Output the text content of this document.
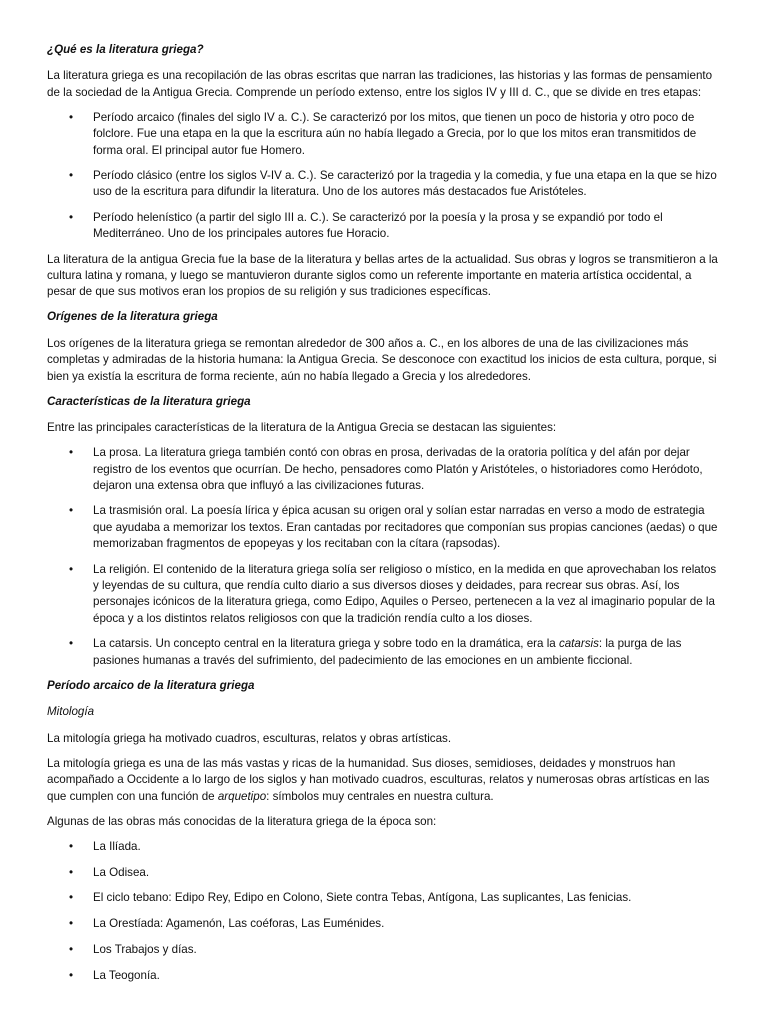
¿Qué es la literatura griega?

La literatura griega es una recopilación de las obras escritas que narran las tradiciones, las historias y las formas de pensamiento de la sociedad de la Antigua Grecia. Comprende un período extenso, entre los siglos IV y III d. C., que se divide en tres etapas:

• Período arcaico (finales del siglo IV a. C.). Se caracterizó por los mitos, que tienen un poco de historia y otro poco de folclore. Fue una etapa en la que la escritura aún no había llegado a Grecia, por lo que los mitos eran transmitidos de forma oral. El principal autor fue Homero.
• Período clásico (entre los siglos V-IV a. C.). Se caracterizó por la tragedia y la comedia, y fue una etapa en la que se hizo uso de la escritura para difundir la literatura. Uno de los autores más destacados fue Aristóteles.
• Período helenístico (a partir del siglo III a. C.). Se caracterizó por la poesía y la prosa y se expandió por todo el Mediterráneo. Uno de los principales autores fue Horacio.

La literatura de la antigua Grecia fue la base de la literatura y bellas artes de la actualidad. Sus obras y logros se transmitieron a la cultura latina y romana, y luego se mantuvieron durante siglos como un referente importante en materia artística occidental, a pesar de que sus motivos eran los propios de su religión y sus tradiciones específicas.

Orígenes de la literatura griega

Los orígenes de la literatura griega se remontan alrededor de 300 años a. C., en los albores de una de las civilizaciones más completas y admiradas de la historia humana: la Antigua Grecia. Se desconoce con exactitud los inicios de esta cultura, porque, si bien ya existía la escritura de forma reciente, aún no había llegado a Grecia y los alrededores.

Características de la literatura griega

Entre las principales características de la literatura de la Antigua Grecia se destacan las siguientes:

• La prosa. La literatura griega también contó con obras en prosa, derivadas de la oratoria política y del afán por dejar registro de los eventos que ocurrían. De hecho, pensadores como Platón y Aristóteles, o historiadores como Heródoto, dejaron una extensa obra que influyó a las civilizaciones futuras.
• La trasmisión oral. La poesía lírica y épica acusan su origen oral y solían estar narradas en verso a modo de estrategia que ayudaba a memorizar los textos. Eran cantadas por recitadores que componían sus propias canciones (aedas) o que memorizaban fragmentos de epopeyas y los recitaban con la cítara (rapsodas).
• La religión. El contenido de la literatura griega solía ser religioso o místico, en la medida en que aprovechaban los relatos y leyendas de su cultura, que rendía culto diario a sus diversos dioses y deidades, para recrear sus obras. Así, los personajes icónicos de la literatura griega, como Edipo, Aquiles o Perseo, pertenecen a la vez al imaginario popular de la época y a los distintos relatos religiosos con que la tradición rendía culto a los dioses.
• La catarsis. Un concepto central en la literatura griega y sobre todo en la dramática, era la catarsis: la purga de las pasiones humanas a través del sufrimiento, del padecimiento de las emociones en un ambiente ficcional.

Período arcaico de la literatura griega

Mitología

La mitología griega ha motivado cuadros, esculturas, relatos y obras artísticas.

La mitología griega es una de las más vastas y ricas de la humanidad. Sus dioses, semidioses, deidades y monstruos han acompañado a Occidente a lo largo de los siglos y han motivado cuadros, esculturas, relatos y numerosas obras artísticas en las que cumplen con una función de arquetipo: símbolos muy centrales en nuestra cultura.

Algunas de las obras más conocidas de la literatura griega de la época son:

• La Ilíada.
• La Odisea.
• El ciclo tebano: Edipo Rey, Edipo en Colono, Siete contra Tebas, Antígona, Las suplicantes, Las fenicias.
• La Orestíada: Agamenón, Las coéforas, Las Euménides.
• Los Trabajos y días.
• La Teogonía.
